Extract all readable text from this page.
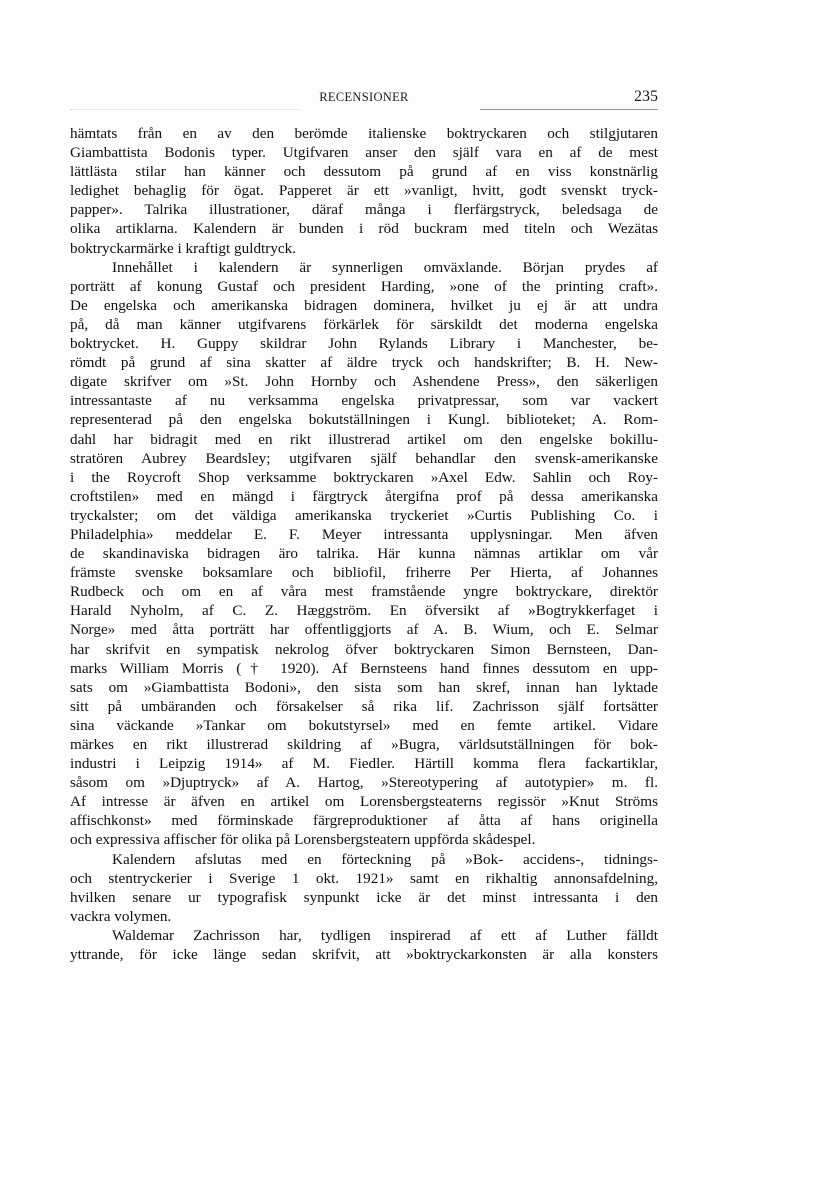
RECENSIONER	235
hämtats från en av den berömde italienske boktryckaren och stilgjutaren
Giambattista Bodonis typer. Utgifvaren anser den själf vara en af de mest
lättlästa stilar han känner och dessutom på grund af en viss konstnärlig
ledighet behaglig för ögat. Papperet är ett »vanligt, hvitt, godt svenskt tryck-
papper». Talrika illustrationer, däraf många i flerfärgstryck, beledsaga de
olika artiklarna. Kalendern är bunden i röd buckram med titeln och Wezätas
boktryckarmärke i kraftigt guldtryck.
Innehållet i kalendern är synnerligen omväxlande. Början prydes af
porträtt af konung Gustaf och president Harding, »one of the printing craft».
De engelska och amerikanska bidragen dominera, hvilket ju ej är att undra
på, då man känner utgifvarens förkärlek för särskildt det moderna engelska
boktrycket. H. Guppy skildrar John Rylands Library i Manchester, be-
römdt på grund af sina skatter af äldre tryck och handskrifter; B. H. New-
digate skrifver om »St. John Hornby och Ashendene Press», den säkerligen
intressantaste af nu verksamma engelska privatpressar, som var vackert
representerad på den engelska bokutställningen i Kungl. biblioteket; A. Rom-
dahl har bidragit med en rikt illustrerad artikel om den engelske bokillu-
stratören Aubrey Beardsley; utgifvaren själf behandlar den svensk-amerikanske
i the Roycroft Shop verksamme boktryckaren »Axel Edw. Sahlin och Roy-
croftstilen» med en mängd i färgtryck återgifna prof på dessa amerikanska
tryckalster; om det väldiga amerikanska tryckeriet »Curtis Publishing Co. i
Philadelphia» meddelar E. F. Meyer intressanta upplysningar. Men äfven
de skandinaviska bidragen äro talrika. Här kunna nämnas artiklar om vår
främste svenske boksamlare och bibliofil, friherre Per Hierta, af Johannes
Rudbeck och om en af våra mest framstående yngre boktryckare, direktör
Harald Nyholm, af C. Z. Hæggström. En öfversikt af »Bogtrykkerfaget i
Norge» med åtta porträtt har offentliggjorts af A. B. Wium, och E. Selmar
har skrifvit en sympatisk nekrolog öfver boktryckaren Simon Bernsteen, Dan-
marks William Morris († 1920). Af Bernsteens hand finnes dessutom en upp-
sats om »Giambattista Bodoni», den sista som han skref, innan han lyktade
sitt på umbäranden och försakelser så rika lif. Zachrisson själf fortsätter
sina väckande »Tankar om bokutstyrsel» med en femte artikel. Vidare
märkes en rikt illustrerad skildring af »Bugra, världsutställningen för bok-
industri i Leipzig 1914» af M. Fiedler. Härtill komma flera fackartiklar,
såsom om »Djuptryck» af A. Hartog, »Stereotypering af autotypier» m. fl.
Af intresse är äfven en artikel om Lorensbergsteaterns regissör »Knut Ströms
affischkonst» med förminskade färgreproduktioner af åtta af hans originella
och expressiva affischer för olika på Lorensbergsteatern uppförda skådespel.
Kalendern afslutas med en förteckning på »Bok- accidens-, tidnings-
och stentryckerier i Sverige 1 okt. 1921» samt en rikhaltig annonsafdelning,
hvilken senare ur typografisk synpunkt icke är det minst intressanta i den
vackra volymen.
Waldemar Zachrisson har, tydligen inspirerad af ett af Luther fälldt
yttrande, för icke länge sedan skrifvit, att »boktryckarkonsten är alla konsters
